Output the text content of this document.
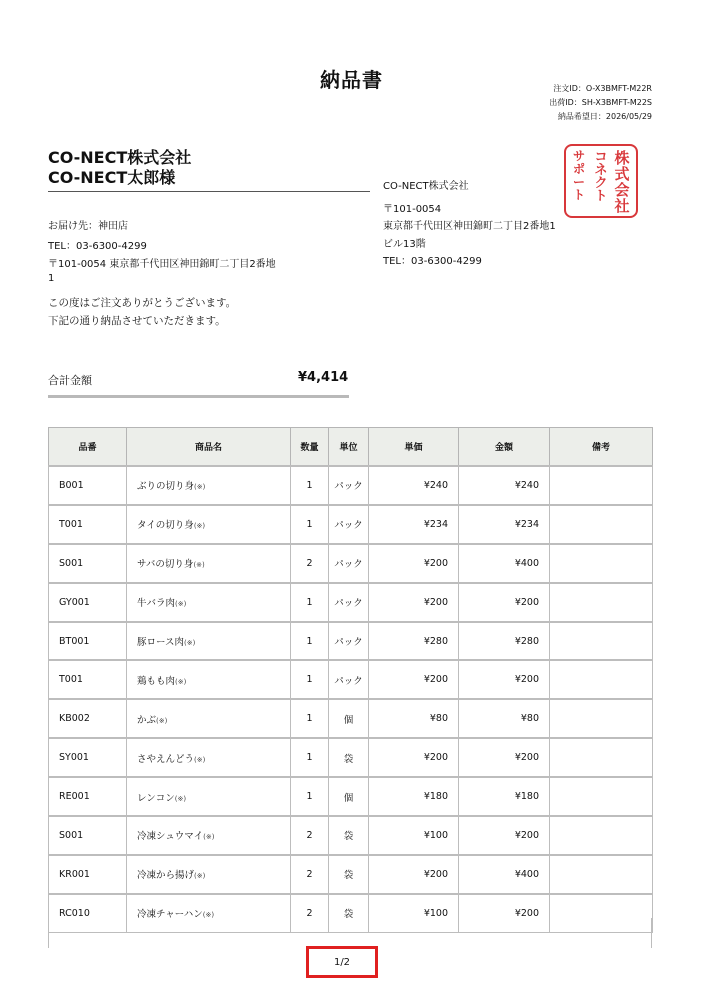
納品書	注文ID：O-X3BMFT-M22R
出荷ID：SH-X3BMFT-M22S
納品希望日：2026/05/29
CO-NECT株式会社
CO-NECT太郎様
お届け先：神田店
TEL：03-6300-4299
〒101-0054 東京都千代田区神田錦町二丁目2番地1
この度はご注文ありがとうございます。
下記の通り納品させていただきます。
CO-NECT株式会社
〒101-0054
東京都千代田区神田錦町二丁目2番地1
ビル13階
TEL：03-6300-4299
株
式
会
社
コ
ネ
ク
ト
サ
ポ
ー
ト
合計金額	¥4,414
品番	商品名	数量	単位	単価	金額	備考
B001	ぶりの切り身(※)	1	パック	¥240	¥240	
T001	タイの切り身(※)	1	パック	¥234	¥234	
S001	サバの切り身(※)	2	パック	¥200	¥400	
GY001	牛バラ肉(※)	1	パック	¥200	¥200	
BT001	豚ロース肉(※)	1	パック	¥280	¥280	
T001	鶏もも肉(※)	1	パック	¥200	¥200	
KB002	かぶ(※)	1	個	¥80	¥80	
SY001	さやえんどう(※)	1	袋	¥200	¥200	
RE001	レンコン(※)	1	個	¥180	¥180	
S001	冷凍シュウマイ(※)	2	袋	¥100	¥200	
KR001	冷凍から揚げ(※)	2	袋	¥200	¥400	
RC010	冷凍チャーハン(※)	2	袋	¥100	¥200	
1/2
